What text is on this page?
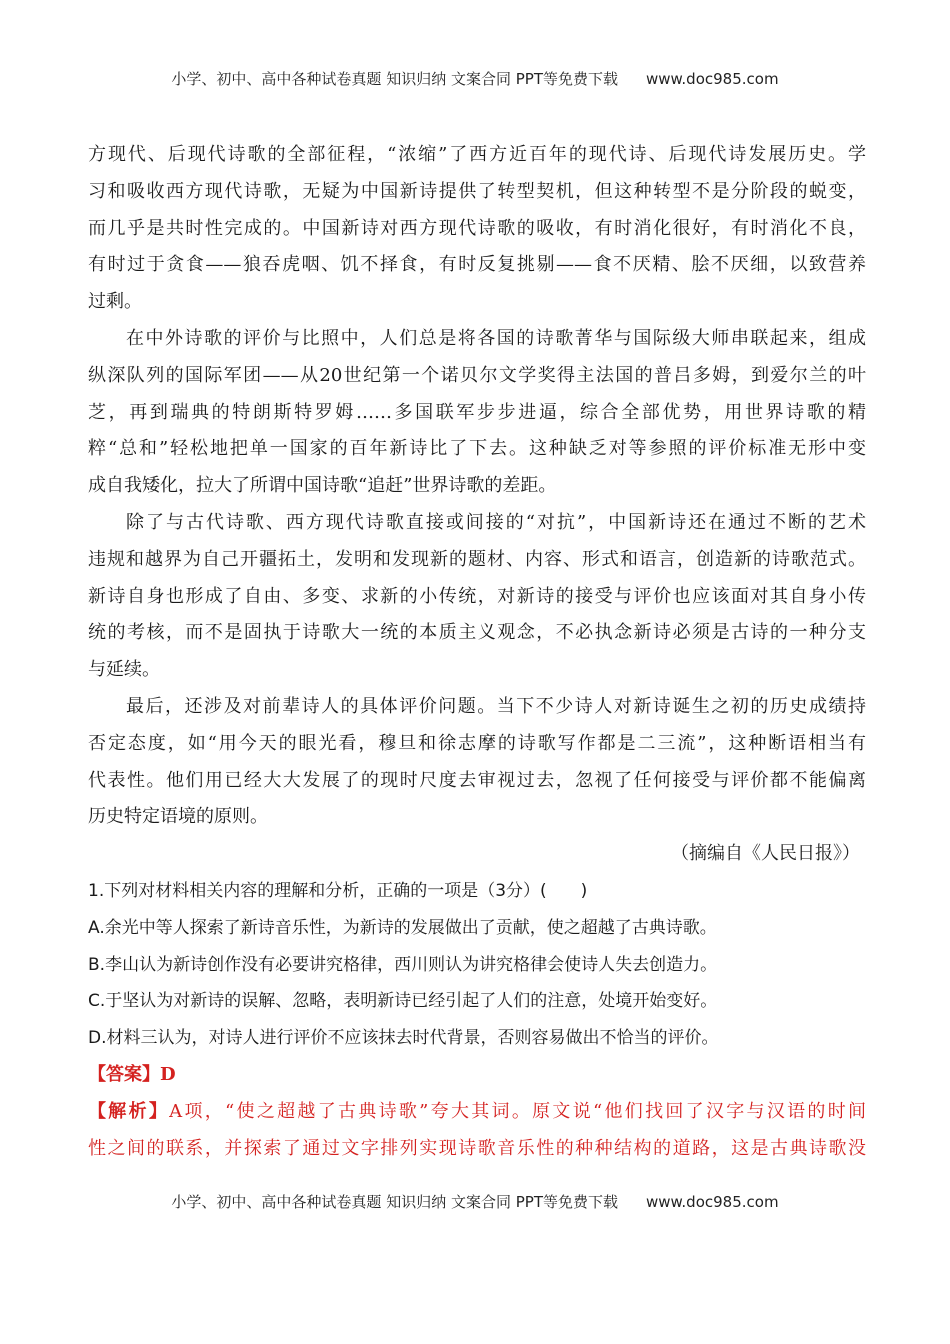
小学、初中、高中各种试卷真题 知识归纳 文案合同 PPT等免费下载 www.doc985.com
方现代、后现代诗歌的全部征程，“浓缩”了西方近百年的现代诗、后现代诗发展历史。学
习和吸收西方现代诗歌，无疑为中国新诗提供了转型契机，但这种转型不是分阶段的蜕变，
而几乎是共时性完成的。中国新诗对西方现代诗歌的吸收，有时消化很好，有时消化不良，
有时过于贪食——狼吞虎咽、饥不择食，有时反复挑剔——食不厌精、脍不厌细，以致营养
过剩。
在中外诗歌的评价与比照中，人们总是将各国的诗歌菁华与国际级大师串联起来，组成
纵深队列的国际军团——从20世纪第一个诺贝尔文学奖得主法国的普吕多姆，到爱尔兰的叶
芝，再到瑞典的特朗斯特罗姆……多国联军步步进逼，综合全部优势，用世界诗歌的精
粹“总和”轻松地把单一国家的百年新诗比了下去。这种缺乏对等参照的评价标准无形中变
成自我矮化，拉大了所谓中国诗歌“追赶”世界诗歌的差距。
除了与古代诗歌、西方现代诗歌直接或间接的“对抗”，中国新诗还在通过不断的艺术
违规和越界为自己开疆拓土，发明和发现新的题材、内容、形式和语言，创造新的诗歌范式。
新诗自身也形成了自由、多变、求新的小传统，对新诗的接受与评价也应该面对其自身小传
统的考核，而不是固执于诗歌大一统的本质主义观念，不必执念新诗必须是古诗的一种分支
与延续。
最后，还涉及对前辈诗人的具体评价问题。当下不少诗人对新诗诞生之初的历史成绩持
否定态度，如“用今天的眼光看，穆旦和徐志摩的诗歌写作都是二三流”，这种断语相当有
代表性。他们用已经大大发展了的现时尺度去审视过去，忽视了任何接受与评价都不能偏离
历史特定语境的原则。
（摘编自《人民日报》）
1.下列对材料相关内容的理解和分析，正确的一项是（3分）(　　)
A.余光中等人探索了新诗音乐性，为新诗的发展做出了贡献，使之超越了古典诗歌。
B.李山认为新诗创作没有必要讲究格律，西川则认为讲究格律会使诗人失去创造力。
C.于坚认为对新诗的误解、忽略，表明新诗已经引起了人们的注意，处境开始变好。
D.材料三认为，对诗人进行评价不应该抹去时代背景，否则容易做出不恰当的评价。
【答案】D
【解析】A项，“使之超越了古典诗歌”夸大其词。原文说“他们找回了汉字与汉语的时间
性之间的联系，并探索了通过文字排列实现诗歌音乐性的种种结构的道路，这是古典诗歌没
小学、初中、高中各种试卷真题 知识归纳 文案合同 PPT等免费下载 www.doc985.com
